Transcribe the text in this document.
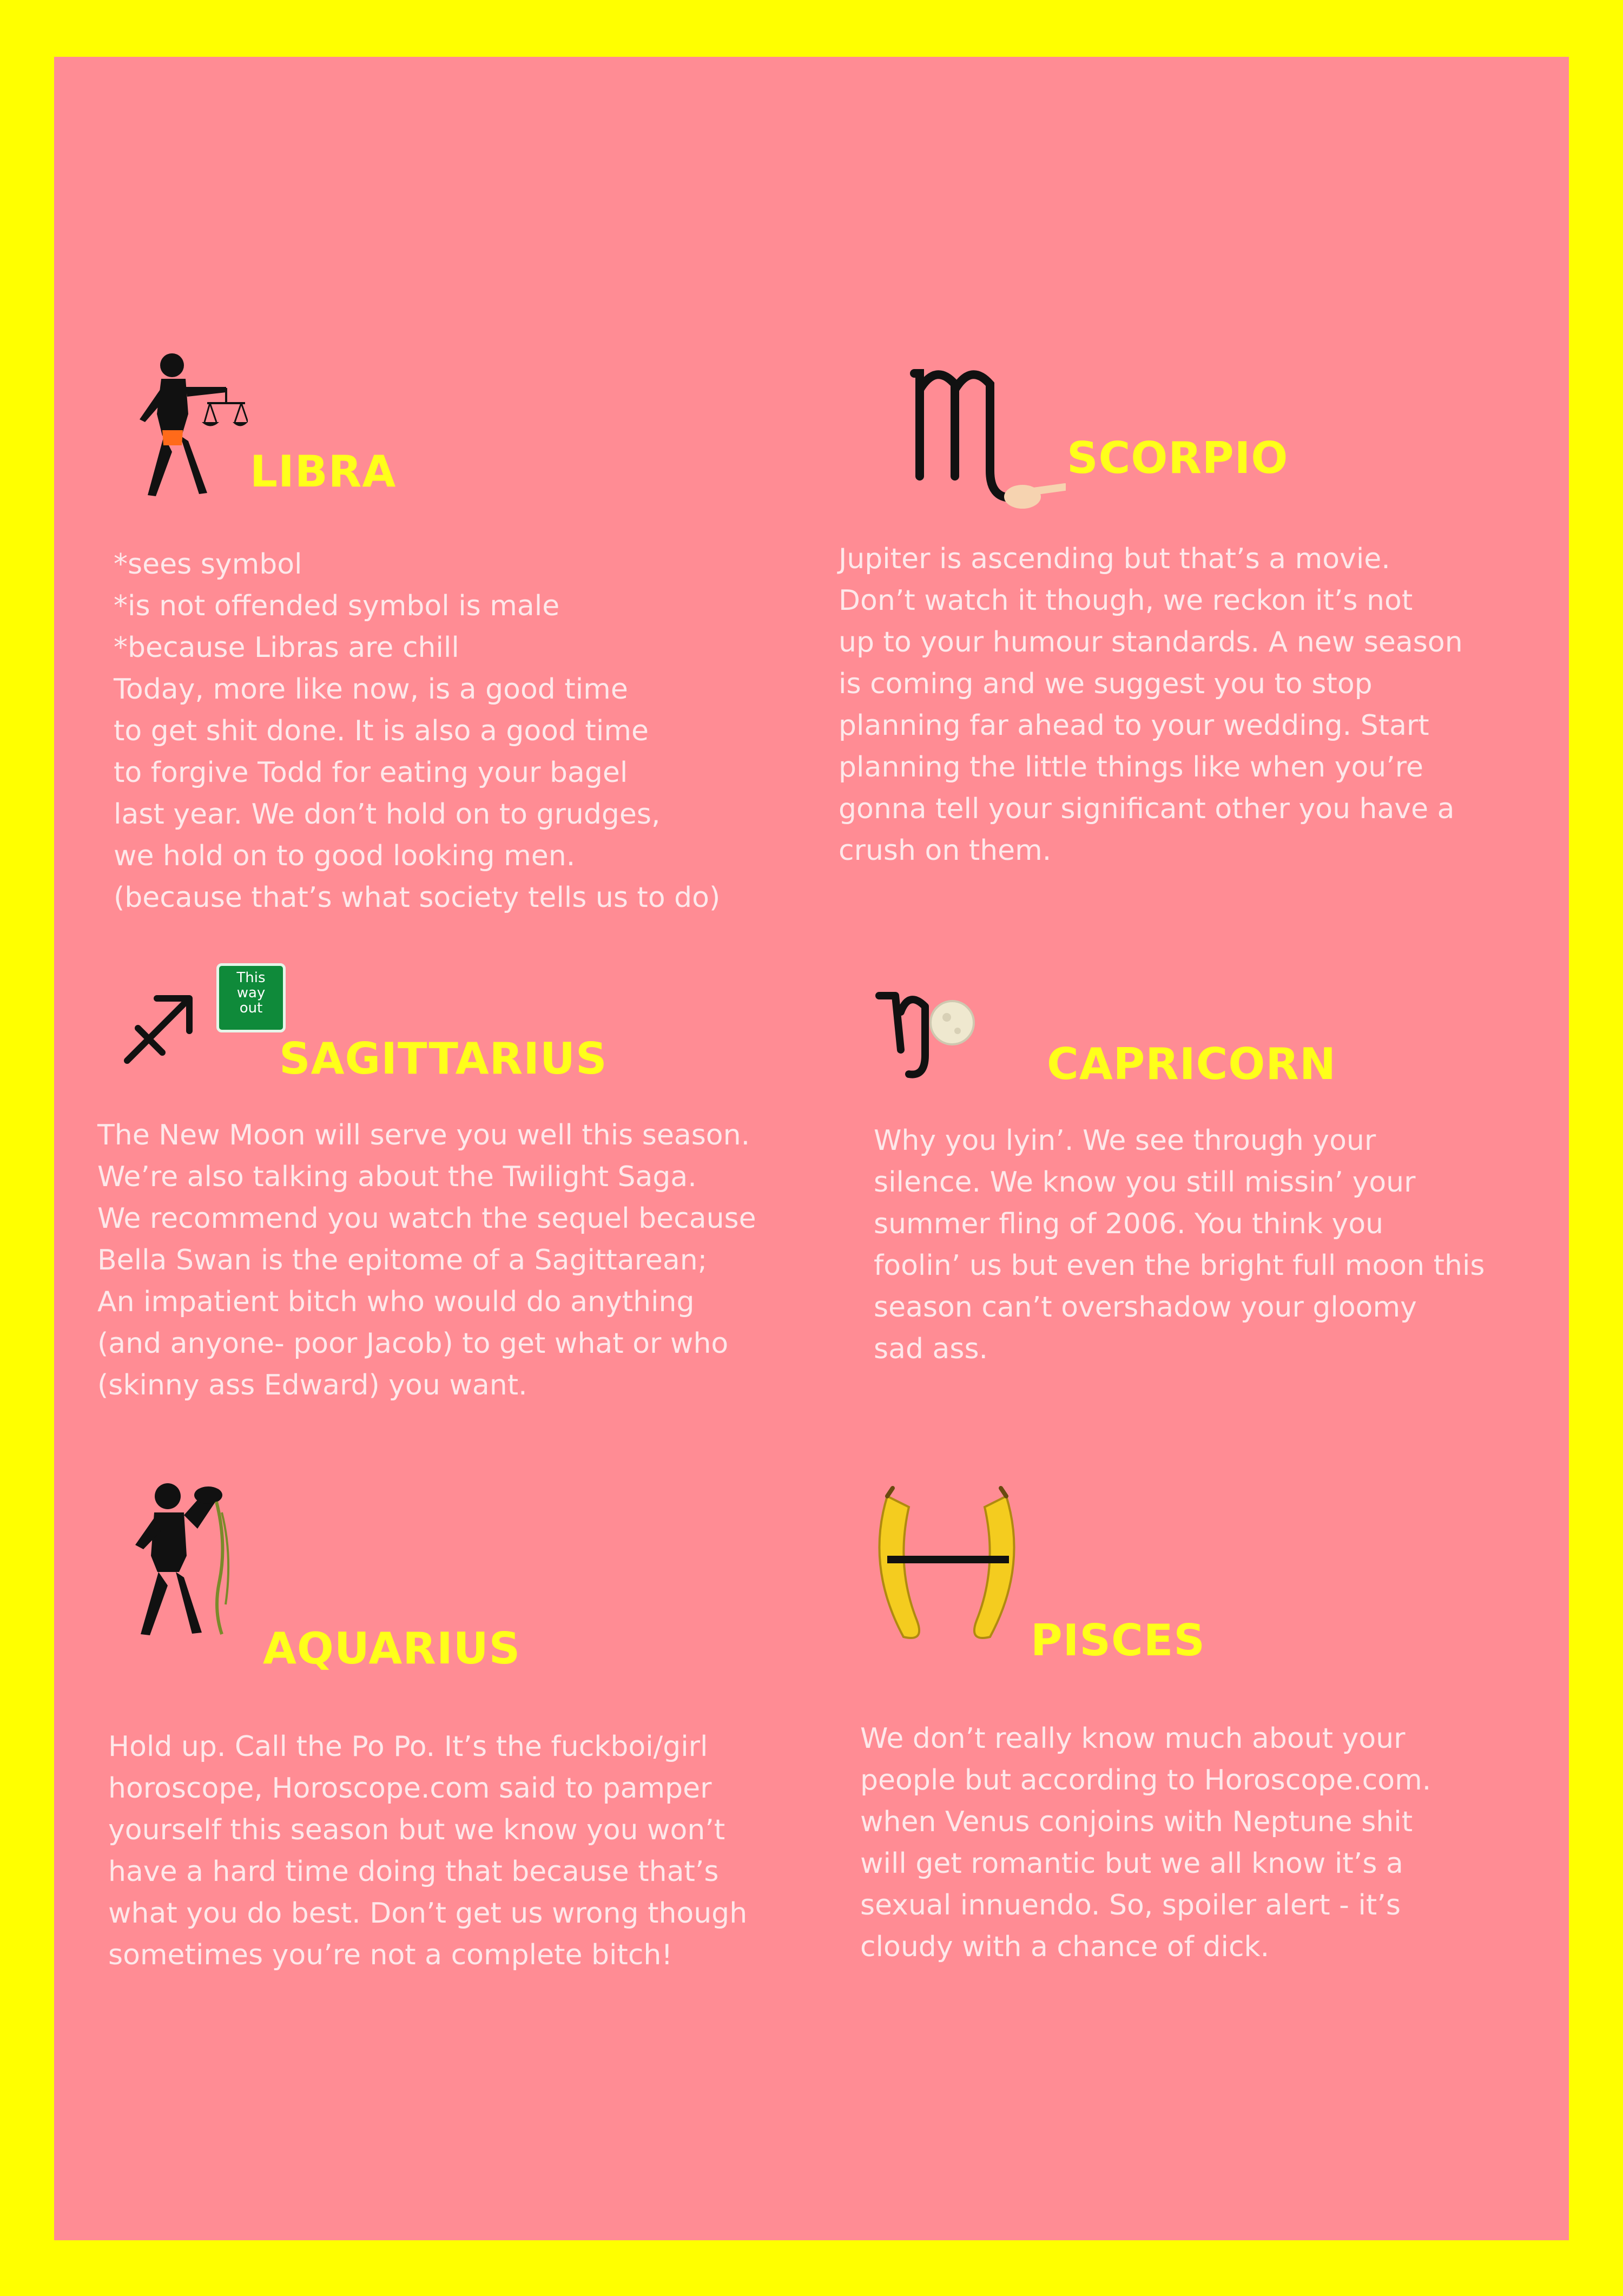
LIBRA
*sees symbol
*is not offended symbol is male
*because Libras are chill
Today, more like now, is a good time
to get shit done. It is also a good time
to forgive Todd for eating your bagel
last year. We don’t hold on to grudges,
we hold on to good looking men.
(because that’s what society tells us to do)
SCORPIO
Jupiter is ascending but that’s a movie.
Don’t watch it though, we reckon it’s not
up to your humour standards. A new season
is coming and we suggest you to stop
planning far ahead to your wedding. Start
planning the little things like when you’re
gonna tell your significant other you have a
crush on them.
This
way
out
SAGITTARIUS
The New Moon will serve you well this season.
We’re also talking about the Twilight Saga.
We recommend you watch the sequel because
Bella Swan is the epitome of a Sagittarean;
An impatient bitch who would do anything
(and anyone- poor Jacob) to get what or who
(skinny ass Edward) you want.
CAPRICORN
Why you lyin’. We see through your
silence. We know you still missin’ your
summer fling of 2006. You think you
foolin’ us but even the bright full moon this
season can’t overshadow your gloomy
sad ass.
AQUARIUS
Hold up. Call the Po Po. It’s the fuckboi/girl
horoscope, Horoscope.com said to pamper
yourself this season but we know you won’t
have a hard time doing that because that’s
what you do best. Don’t get us wrong though
sometimes you’re not a complete bitch!
PISCES
We don’t really know much about your
people but according to Horoscope.com.
when Venus conjoins with Neptune shit
will get romantic but we all know it’s a
sexual innuendo. So, spoiler alert - it’s
cloudy with a chance of dick.
